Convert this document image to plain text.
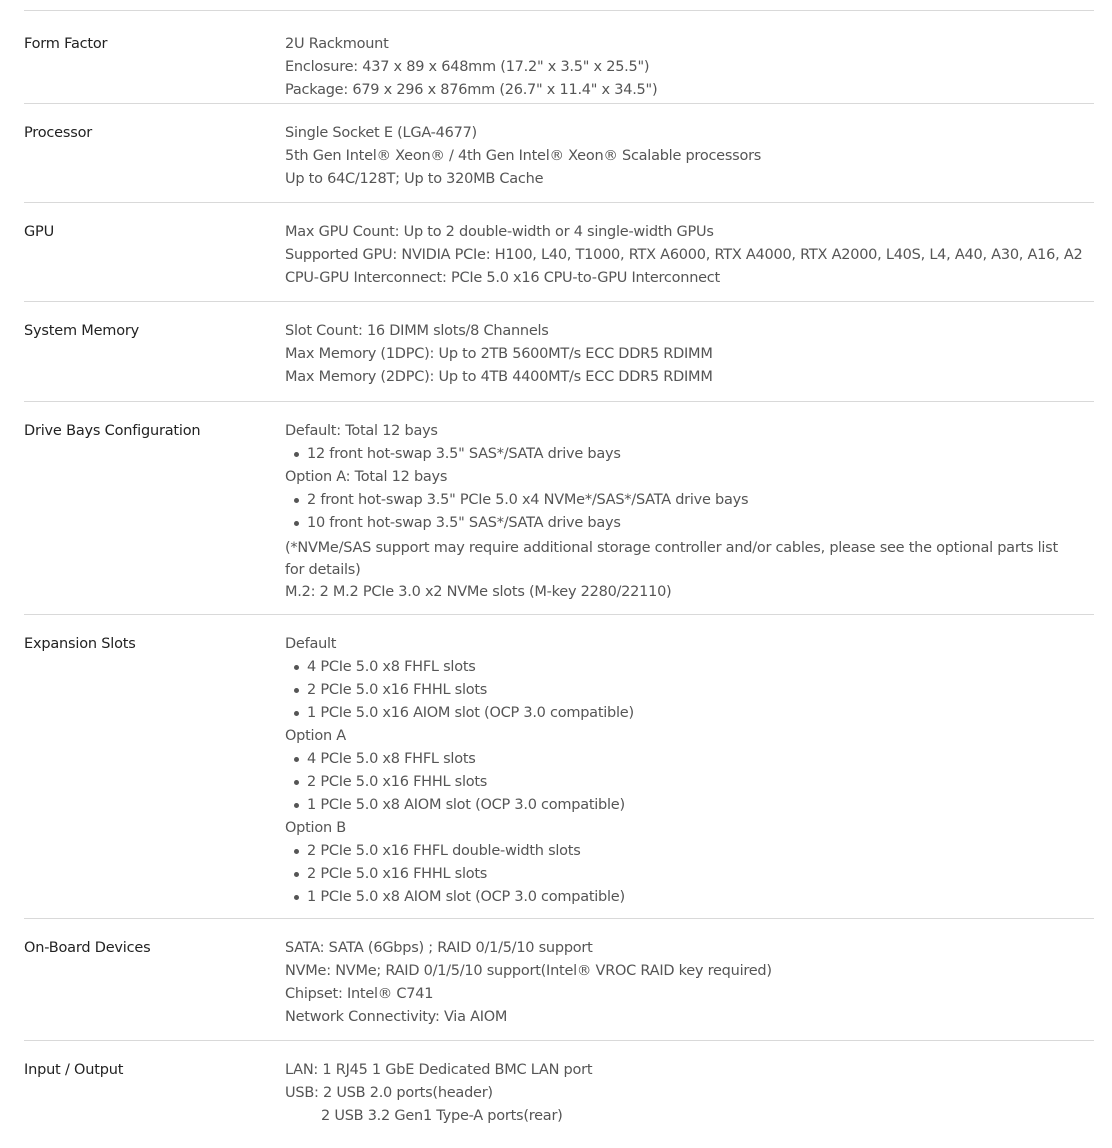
Form Factor	2U Rackmount
Enclosure: 437 x 89 x 648mm (17.2" x 3.5" x 25.5")
Package: 679 x 296 x 876mm (26.7" x 11.4" x 34.5")
Processor	Single Socket E (LGA-4677)
5th Gen Intel® Xeon® / 4th Gen Intel® Xeon® Scalable processors
Up to 64C/128T; Up to 320MB Cache
GPU	Max GPU Count: Up to 2 double-width or 4 single-width GPUs
Supported GPU: NVIDIA PCIe: H100, L40, T1000, RTX A6000, RTX A4000, RTX A2000, L40S, L4, A40, A30, A16, A2
CPU-GPU Interconnect: PCIe 5.0 x16 CPU-to-GPU Interconnect
System Memory	Slot Count: 16 DIMM slots/8 Channels
Max Memory (1DPC): Up to 2TB 5600MT/s ECC DDR5 RDIMM
Max Memory (2DPC): Up to 4TB 4400MT/s ECC DDR5 RDIMM
Drive Bays Configuration	Default: Total 12 bays
12 front hot-swap 3.5" SAS*/SATA drive bays
Option A: Total 12 bays
2 front hot-swap 3.5" PCIe 5.0 x4 NVMe*/SAS*/SATA drive bays
10 front hot-swap 3.5" SAS*/SATA drive bays
(*NVMe/SAS support may require additional storage controller and/or cables, please see the optional parts list for details)
M.2: 2 M.2 PCIe 3.0 x2 NVMe slots (M-key 2280/22110)
Expansion Slots	Default
4 PCIe 5.0 x8 FHFL slots
2 PCIe 5.0 x16 FHHL slots
1 PCIe 5.0 x16 AIOM slot (OCP 3.0 compatible)
Option A
4 PCIe 5.0 x8 FHFL slots
2 PCIe 5.0 x16 FHHL slots
1 PCIe 5.0 x8 AIOM slot (OCP 3.0 compatible)
Option B
2 PCIe 5.0 x16 FHFL double-width slots
2 PCIe 5.0 x16 FHHL slots
1 PCIe 5.0 x8 AIOM slot (OCP 3.0 compatible)
On-Board Devices	SATA: SATA (6Gbps) ; RAID 0/1/5/10 support
NVMe: NVMe; RAID 0/1/5/10 support(Intel® VROC RAID key required)
Chipset: Intel® C741
Network Connectivity: Via AIOM
Input / Output	LAN: 1 RJ45 1 GbE Dedicated BMC LAN port
USB: 2 USB 2.0 ports(header)
2 USB 3.2 Gen1 Type-A ports(rear)
